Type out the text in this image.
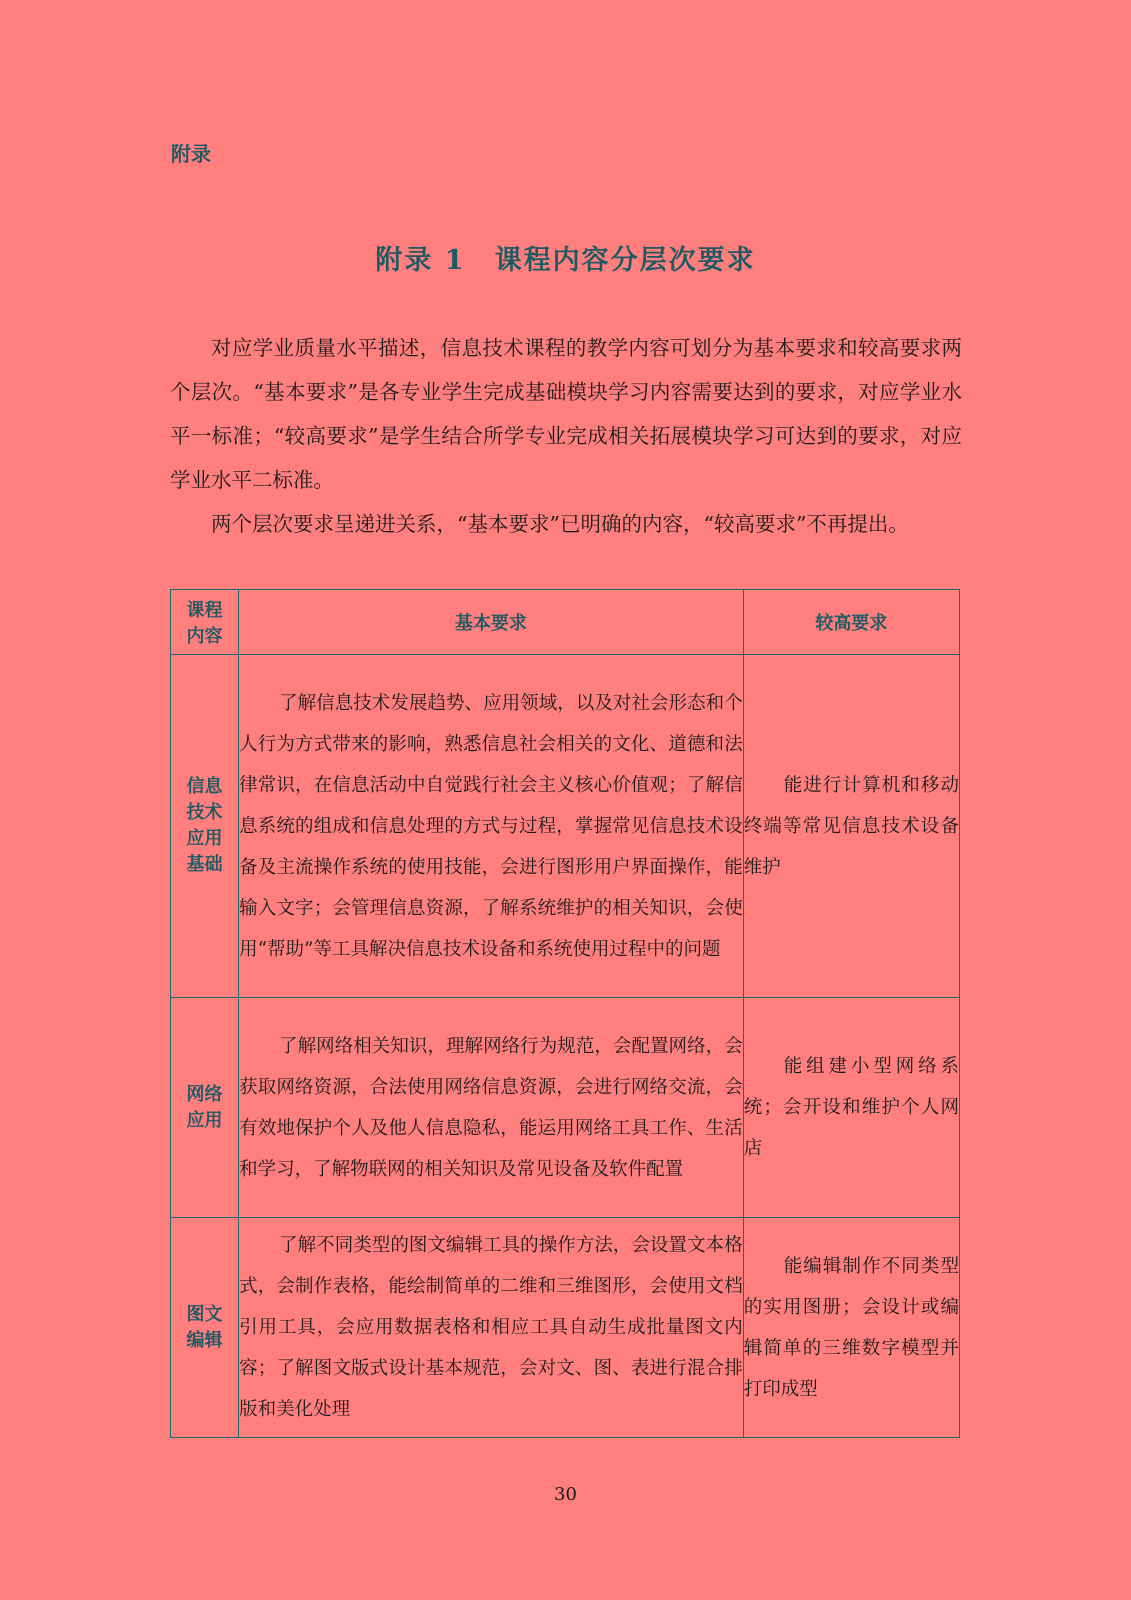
附录
附录 1　课程内容分层次要求

对应学业质量水平描述，信息技术课程的教学内容可划分为基本要求和较高要求两个层次。“基本要求”是各专业学生完成基础模块学习内容需要达到的要求，对应学业水平一标准；“较高要求”是学生结合所学专业完成相关拓展模块学习可达到的要求，对应学业水平二标准。

两个层次要求呈递进关系，“基本要求”已明确的内容，“较高要求”不再提出。

课程内容	基本要求	较高要求

信息技术应用基础	了解信息技术发展趋势、应用领域，以及对社会形态和个人行为方式带来的影响，熟悉信息社会相关的文化、道德和法律常识，在信息活动中自觉践行社会主义核心价值观；了解信息系统的组成和信息处理的方式与过程，掌握常见信息技术设备及主流操作系统的使用技能，会进行图形用户界面操作，能输入文字；会管理信息资源，了解系统维护的相关知识，会使用“帮助”等工具解决信息技术设备和系统使用过程中的问题	能进行计算机和移动终端等常见信息技术设备维护

网络应用	了解网络相关知识，理解网络行为规范，会配置网络，会获取网络资源，合法使用网络信息资源，会进行网络交流，会有效地保护个人及他人信息隐私，能运用网络工具工作、生活和学习，了解物联网的相关知识及常见设备及软件配置	能组建小型网络系统；会开设和维护个人网店

图文编辑	了解不同类型的图文编辑工具的操作方法，会设置文本格式，会制作表格，能绘制简单的二维和三维图形，会使用文档引用工具，会应用数据表格和相应工具自动生成批量图文内容；了解图文版式设计基本规范，会对文、图、表进行混合排版和美化处理	能编辑制作不同类型的实用图册；会设计或编辑简单的三维数字模型并打印成型
30
